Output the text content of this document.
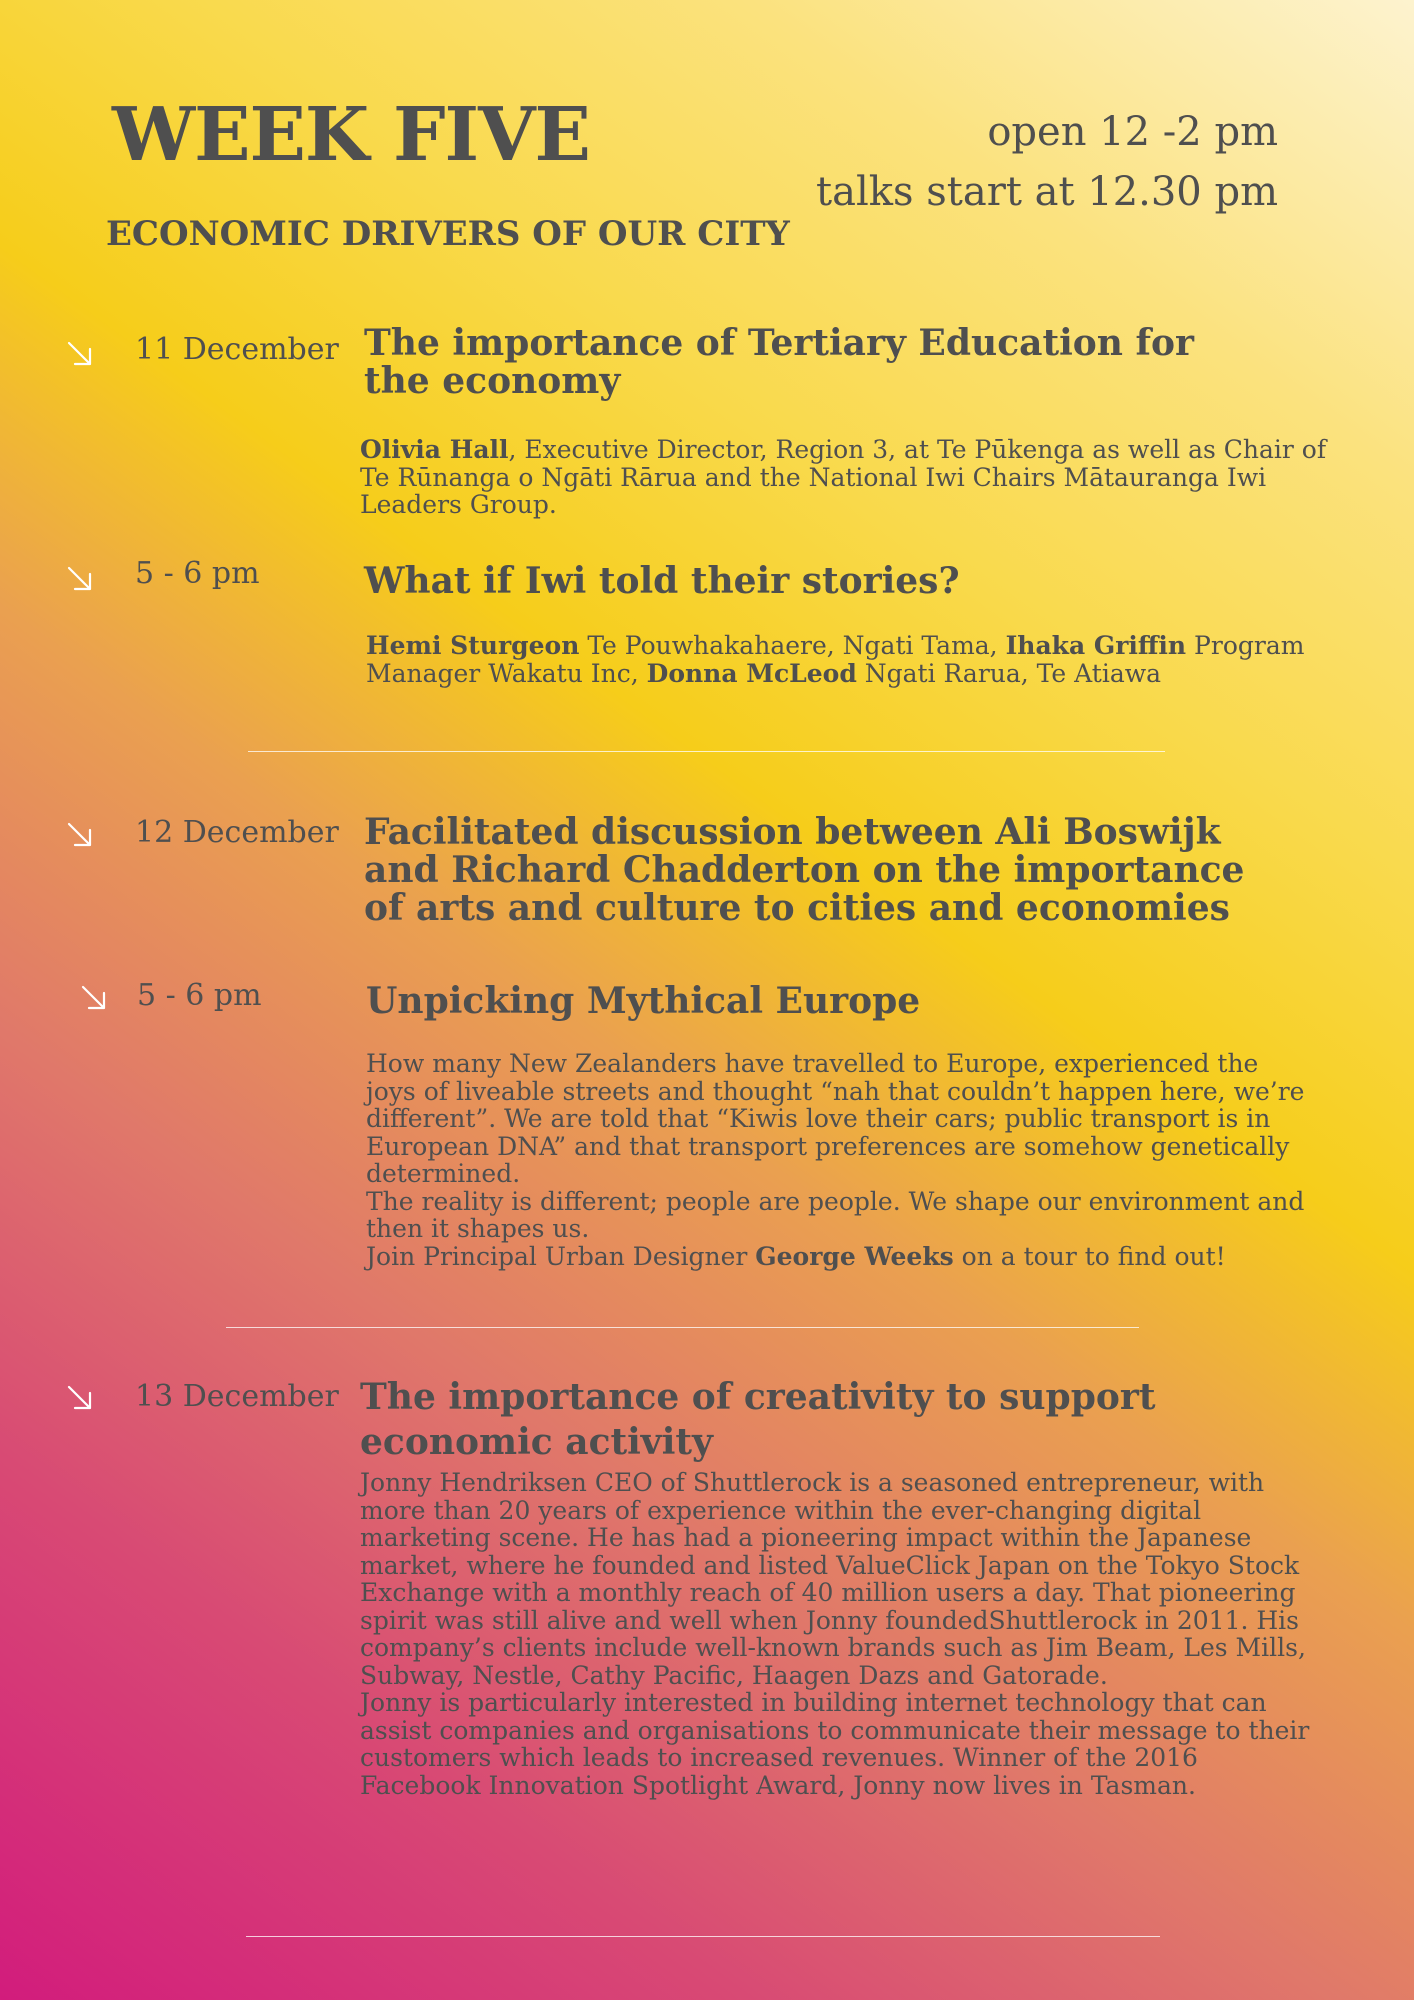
WEEK FIVE
ECONOMIC DRIVERS OF OUR CITY
open 12 -2 pm
talks start at 12.30 pm
11 December The importance of Tertiary Education for the economy

Olivia Hall, Executive Director, Region 3, at Te Pūkenga as well as Chair of Te Rūnanga o Ngāti Rārua and the National Iwi Chairs Mātauranga Iwi Leaders Group.

5 - 6 pm	What if Iwi told their stories?

Hemi Sturgeon Te Pouwhakahaere, Ngati Tama, Ihaka Griffin Program Manager Wakatu Inc, Donna McLeod Ngati Rarua, Te Atiawa

12 December Facilitated discussion between Ali Boswijk and Richard Chadderton on the importance of arts and culture to cities and economies
5 - 6 pm	Unpicking Mythical Europe

How many New Zealanders have travelled to Europe, experienced the joys of liveable streets and thought “nah that couldn’t happen here, we’re different”. We are told that “Kiwis love their cars; public transport is in European DNA” and that transport preferences are somehow genetically determined.

The reality is different; people are people. We shape our environment and then it shapes us.

Join Principal Urban Designer George Weeks on a tour to find out!

13 December The importance of creativity to support economic activity

Jonny Hendriksen CEO of Shuttlerock is a seasoned entrepreneur, with more than 20 years of experience within the ever-changing digital marketing scene. He has had a pioneering impact within the Japanese market, where he founded and listed ValueClick Japan on the Tokyo Stock Exchange with a monthly reach of 40 million users a day. That pioneering spirit was still alive and well when Jonny foundedShuttlerock in 2011. His company’s clients include well-known brands such as Jim Beam, Les Mills, Subway, Nestle, Cathy Pacific, Haagen Dazs and Gatorade.

Jonny is particularly interested in building internet technology that can assist companies and organisations to communicate their message to their customers which leads to increased revenues. Winner of the 2016 Facebook Innovation Spotlight Award, Jonny now lives in Tasman.
